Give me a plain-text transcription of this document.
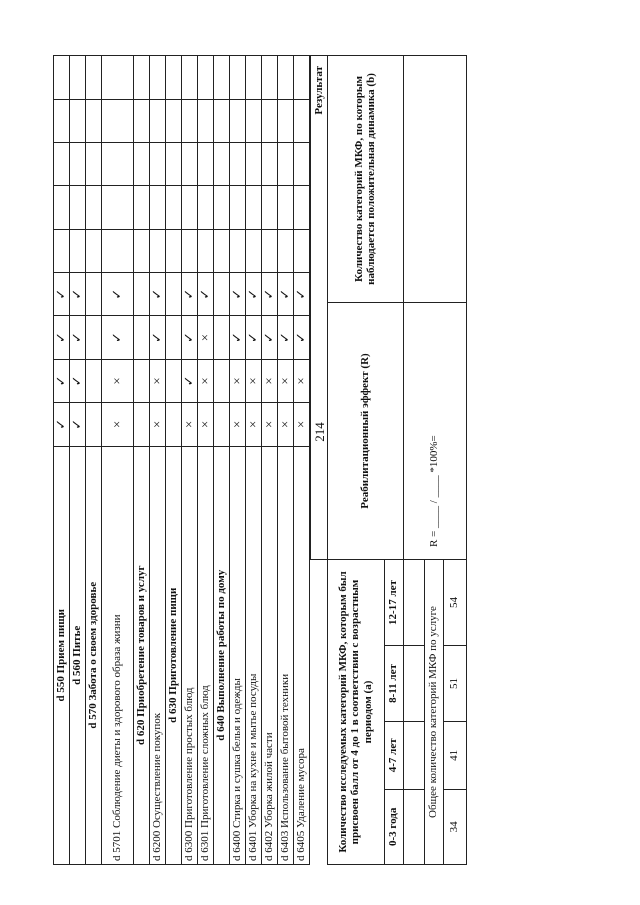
214
d 550 Прием пищи	✓	✓	✓	✓					
d 560 Питье	✓	✓	✓	✓					
d 570 Забота о своем здоровье									
d 5701 Соблюдение диеты и здорового образа жизни	×	×	✓	✓					
d 620 Приобретение товаров и услуг									
d 6200 Осуществление покупок	×	×	✓	✓					
d 630 Приготовление пищи									
d 6300 Приготовление простых блюд	×	✓	✓	✓					
d 6301 Приготовление сложных блюд	×	×	×	✓					
d 640 Выполнение работы по дому									
d 6400 Стирка и сушка белья и одежды	×	×	✓	✓					
d 6401 Уборка на кухне и мытье посуды	×	×	✓	✓					
d 6402 Уборка жилой части	×	×	✓	✓					
d 6403 Использование бытовой техники	×	×	✓	✓					
d 6405 Удаление мусора	×	×	✓	✓					
				Результат	
Количество исследуемых категорий МКФ, которым был присвоен балл от 4 до 1 в соответствии с возрастным периодом (a)				Реабилитационный эффект (R)	Количество категорий МКФ, по которым наблюдается положительная динамика (b)
0-3 года	4-7 лет	8-11 лет	12-17 лет		
				R = ____ / ____ *100%=	
Общее количество категорий МКФ по услуге					
34	41	51	54		
